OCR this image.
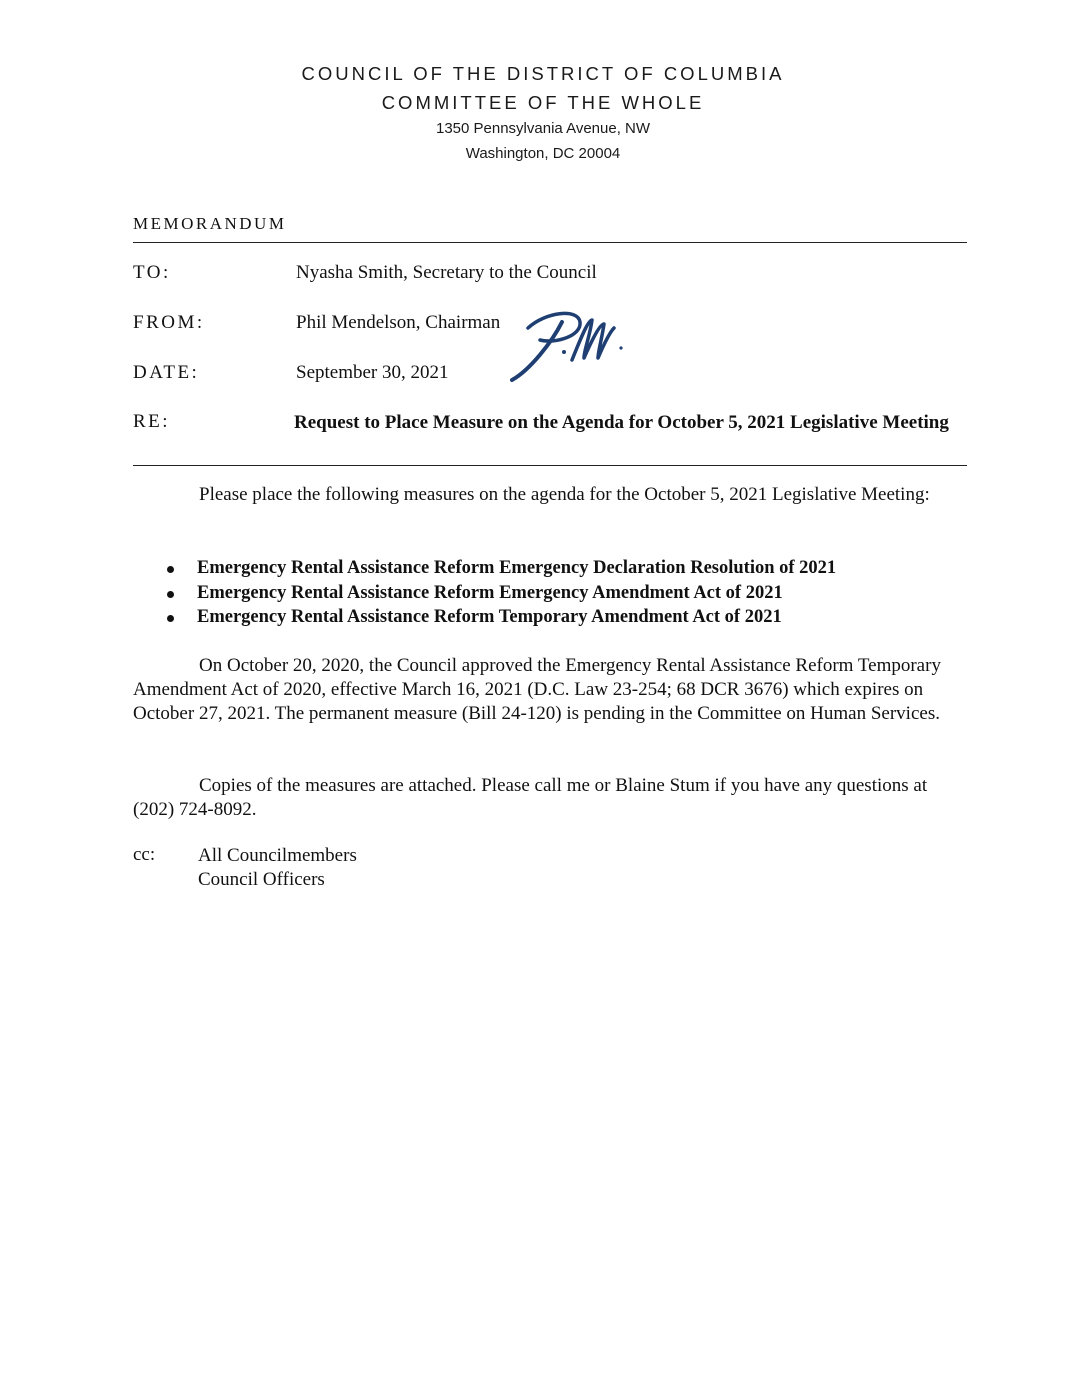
COUNCIL OF THE DISTRICT OF COLUMBIA
COMMITTEE OF THE WHOLE
1350 Pennsylvania Avenue, NW
Washington, DC 20004
MEMORANDUM
TO:	Nyasha Smith, Secretary to the Council
FROM:	Phil Mendelson, Chairman
DATE:	September 30, 2021
RE:	Request to Place Measure on the Agenda for October 5, 2021 Legislative Meeting
Please place the following measures on the agenda for the October 5, 2021 Legislative Meeting:
Emergency Rental Assistance Reform Emergency Declaration Resolution of 2021
Emergency Rental Assistance Reform Emergency Amendment Act of 2021
Emergency Rental Assistance Reform Temporary Amendment Act of 2021
On October 20, 2020, the Council approved the Emergency Rental Assistance Reform Temporary Amendment Act of 2020, effective March 16, 2021 (D.C. Law 23-254; 68 DCR 3676) which expires on October 27, 2021. The permanent measure (Bill 24-120) is pending in the Committee on Human Services.
Copies of the measures are attached. Please call me or Blaine Stum if you have any questions at (202) 724-8092.
cc: All Councilmembers
Council Officers
